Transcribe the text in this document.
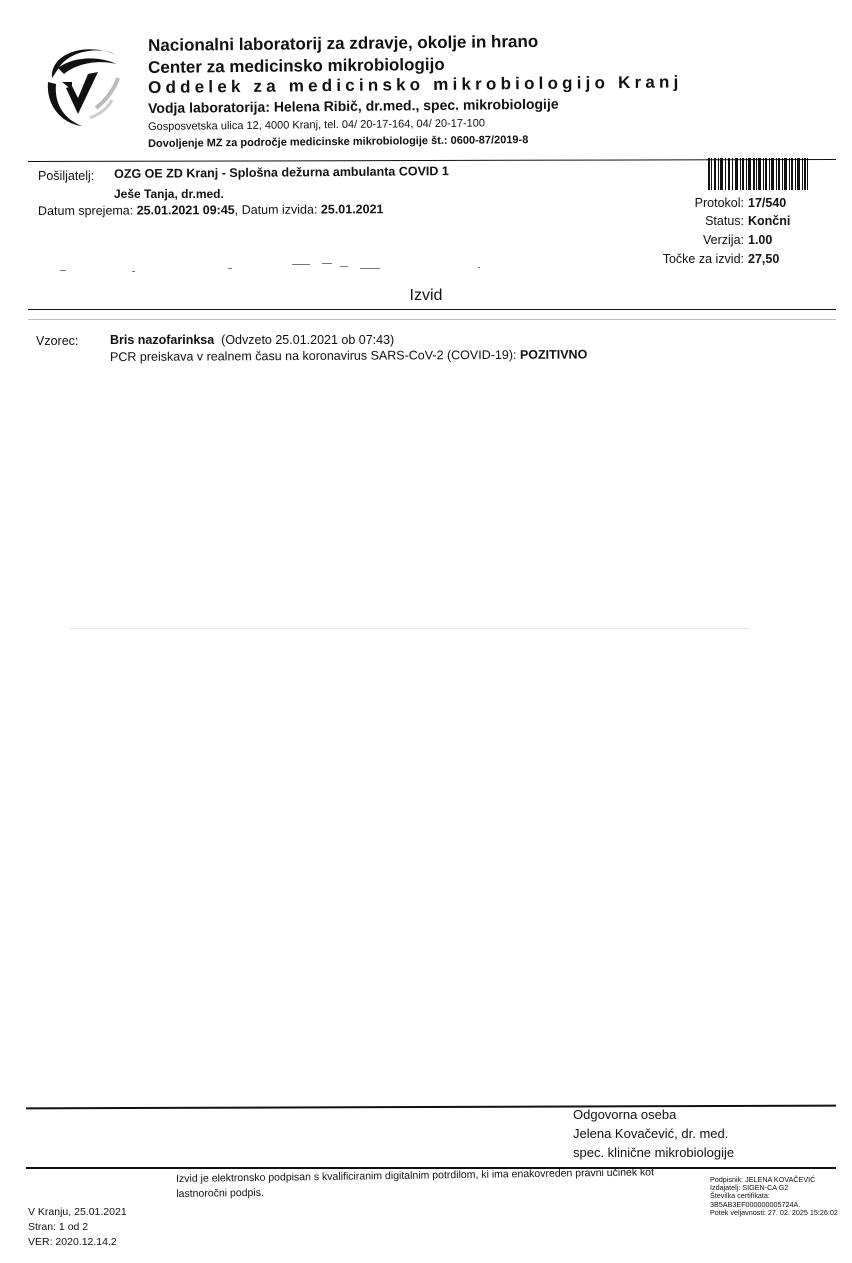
Nacionalni laboratorij za zdravje, okolje in hrano
Center za medicinsko mikrobiologijo
Oddelek za medicinsko mikrobiologijo Kranj
Vodja laboratorija: Helena Ribič, dr.med., spec. mikrobiologije
Gosposvetska ulica 12, 4000 Kranj, tel. 04/ 20-17-164, 04/ 20-17-100
Dovoljenje MZ za področje medicinske mikrobiologije št.: 0600-87/2019-8
Pošiljatelj: OZG OE ZD Kranj - Splošna dežurna ambulanta COVID 1
Ješe Tanja, dr.med.
Datum sprejema: 25.01.2021 09:45, Datum izvida: 25.01.2021	Protokol: 17/540
Status: Končni
Verzija: 1.00
Točke za izvid: 27,50
Izvid
Vzorec:	Bris nazofarinksa (Odvzeto 25.01.2021 ob 07:43)
PCR preiskava v realnem času na koronavirus SARS-CoV-2 (COVID-19): POZITIVNO
Odgovorna oseba
Jelena Kovačević, dr. med.
spec. klinične mikrobiologije
Izvid je elektronsko podpisan s kvalificiranim digitalnim potrdilom, ki ima enakovreden pravni učinek kot lastnoročni podpis.
V Kranju, 25.01.2021
Stran: 1 od 2
VER: 2020.12.14.2
Podpisnik: JELENA KOVAČEVIĆ
Izdajatelj: SIGEN-CA G2
Številka certifikata:
3B5AB3EF000000005724A.
Potek veljavnosti: 27. 02. 2025 15:26:02
